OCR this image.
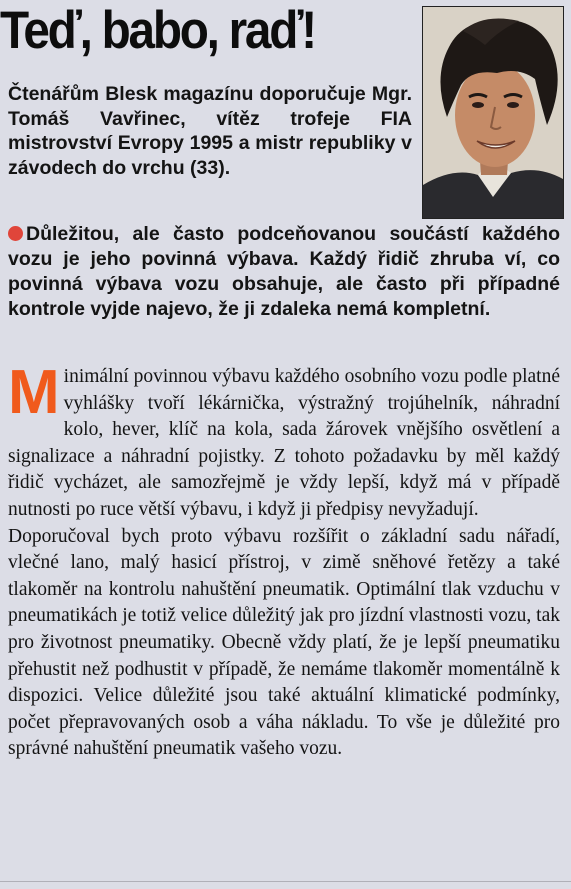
Teď, babo, raď!

Čtenářům Blesk magazínu doporučuje Mgr. Tomáš Vavřinec, vítěz trofeje FIA mistrovství Evropy 1995 a mistr republiky v závodech do vrchu (33).

Důležitou, ale často podceňovanou součástí každého vozu je jeho povinná výbava. Každý řidič zhruba ví, co povinná výbava vozu obsahuje, ale často při případné kontrole vyjde najevo, že ji zdaleka nemá kompletní.

Minimální povinnou výbavu každého osobního vozu podle platné vyhlášky tvoří lékárnička, výstražný trojúhelník, náhradní kolo, hever, klíč na kola, sada žárovek vnějšího osvětlení a signalizace a náhradní pojistky. Z tohoto požadavku by měl každý řidič vycházet, ale samozřejmě je vždy lepší, když má v případě nutnosti po ruce větší výbavu, i když ji předpisy nevyžadují.

Doporučoval bych proto výbavu rozšířit o základní sadu nářadí, vlečné lano, malý hasicí přístroj, v zimě sněhové řetězy a také tlakoměr na kontrolu nahuštění pneumatik. Optimální tlak vzduchu v pneumatikách je totiž velice důležitý jak pro jízdní vlastnosti vozu, tak pro životnost pneumatiky. Obecně vždy platí, že je lepší pneumatiku přehustit než podhustit v případě, že nemáme tlakoměr momentálně k dispozici. Velice důležité jsou také aktuální klimatické podmínky, počet přepravovaných osob a váha nákladu. To vše je důležité pro správné nahuštění pneumatik vašeho vozu.
